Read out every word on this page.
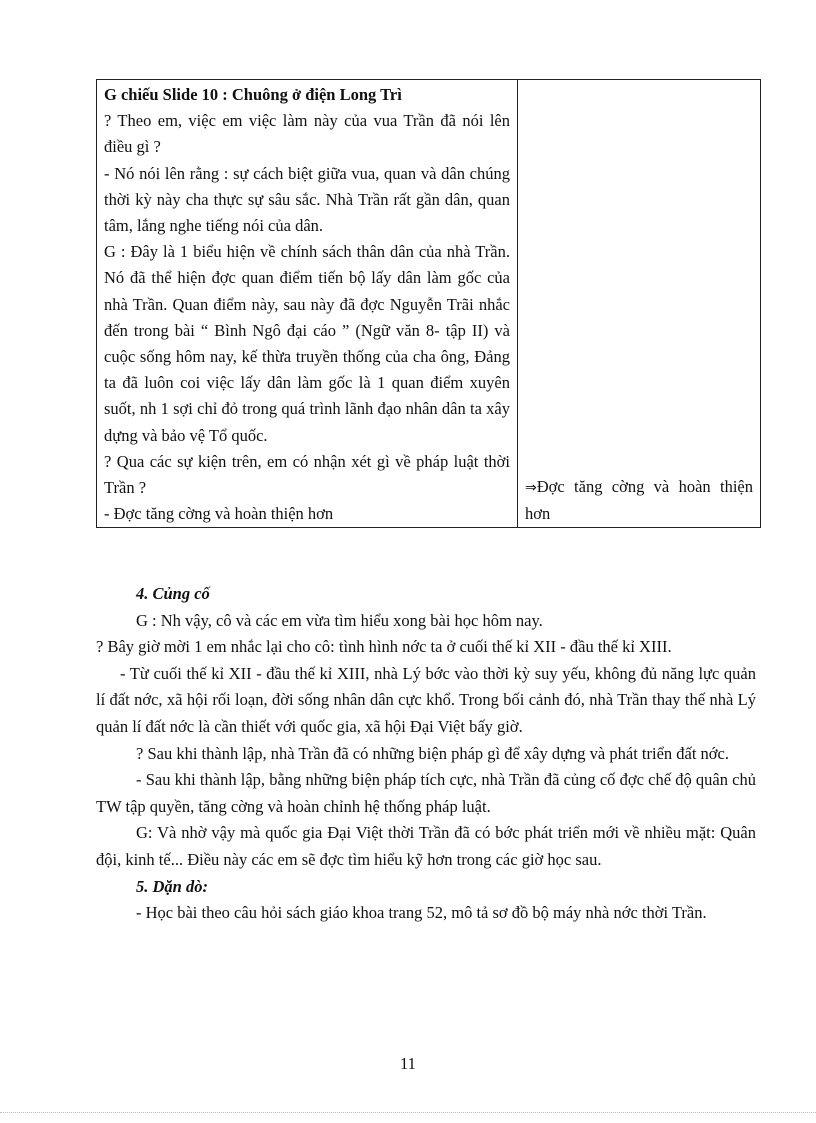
G chiếu Slide 10 : Chuông ở điện Long Trì
? Theo em, việc em việc làm này của vua Trần đã nói lên điều gì ?
- Nó nói lên rằng : sự cách biệt giữa vua, quan và dân chúng thời kỳ này cha thực sự sâu sắc. Nhà Trần rất gần dân, quan tâm, lắng nghe tiếng nói của dân.
G : Đây là 1 biểu hiện về chính sách thân dân của nhà Trần. Nó đã thể hiện đợc quan điểm tiến bộ lấy dân làm gốc của nhà Trần. Quan điểm này, sau này đã đợc Nguyễn Trãi nhắc đến trong bài “ Bình Ngô đại cáo ” (Ngữ văn 8- tập II) và cuộc sống hôm nay, kế thừa truyền thống của cha ông, Đảng ta đã luôn coi việc lấy dân làm gốc là 1 quan điểm xuyên suốt, nh 1 sợi chỉ đỏ trong quá trình lãnh đạo nhân dân ta xây dựng và bảo vệ Tổ quốc.
? Qua các sự kiện trên, em có nhận xét gì về pháp luật thời Trần ?
- Đợc tăng cờng và hoàn thiện hơn
	⇒Đợc tăng cờng và hoàn thiện hơn

4. Củng cố

G : Nh vậy, cô và các em vừa tìm hiểu xong bài học hôm nay.

? Bây giờ mời 1 em nhắc lại cho cô: tình hình nớc ta ở cuối thế kỉ XII - đầu thế kỉ XIII.

- Từ cuối thế kỉ XII - đầu thế kỉ XIII, nhà Lý bớc vào thời kỳ suy yếu, không đủ năng lực quản lí đất nớc, xã hội rối loạn, đời sống nhân dân cực khổ. Trong bối cảnh đó, nhà Trần thay thế nhà Lý quản lí đất nớc là cần thiết với quốc gia, xã hội Đại Việt bấy giờ.

? Sau khi thành lập, nhà Trần đã có những biện pháp gì để xây dựng và phát triển đất nớc.

- Sau khi thành lập, bằng những biện pháp tích cực, nhà Trần đã củng cố đợc chế độ quân chủ TW tập quyền, tăng cờng và hoàn chỉnh hệ thống pháp luật.

G: Và nhờ vậy mà quốc gia Đại Việt thời Trần đã có bớc phát triển mới về nhiều mặt: Quân đội, kinh tế... Điều này các em sẽ đợc tìm hiểu kỹ hơn trong các giờ học sau.

5. Dặn dò:

- Học bài theo câu hỏi sách giáo khoa trang 52, mô tả sơ đồ bộ máy nhà nớc thời Trần.

11
